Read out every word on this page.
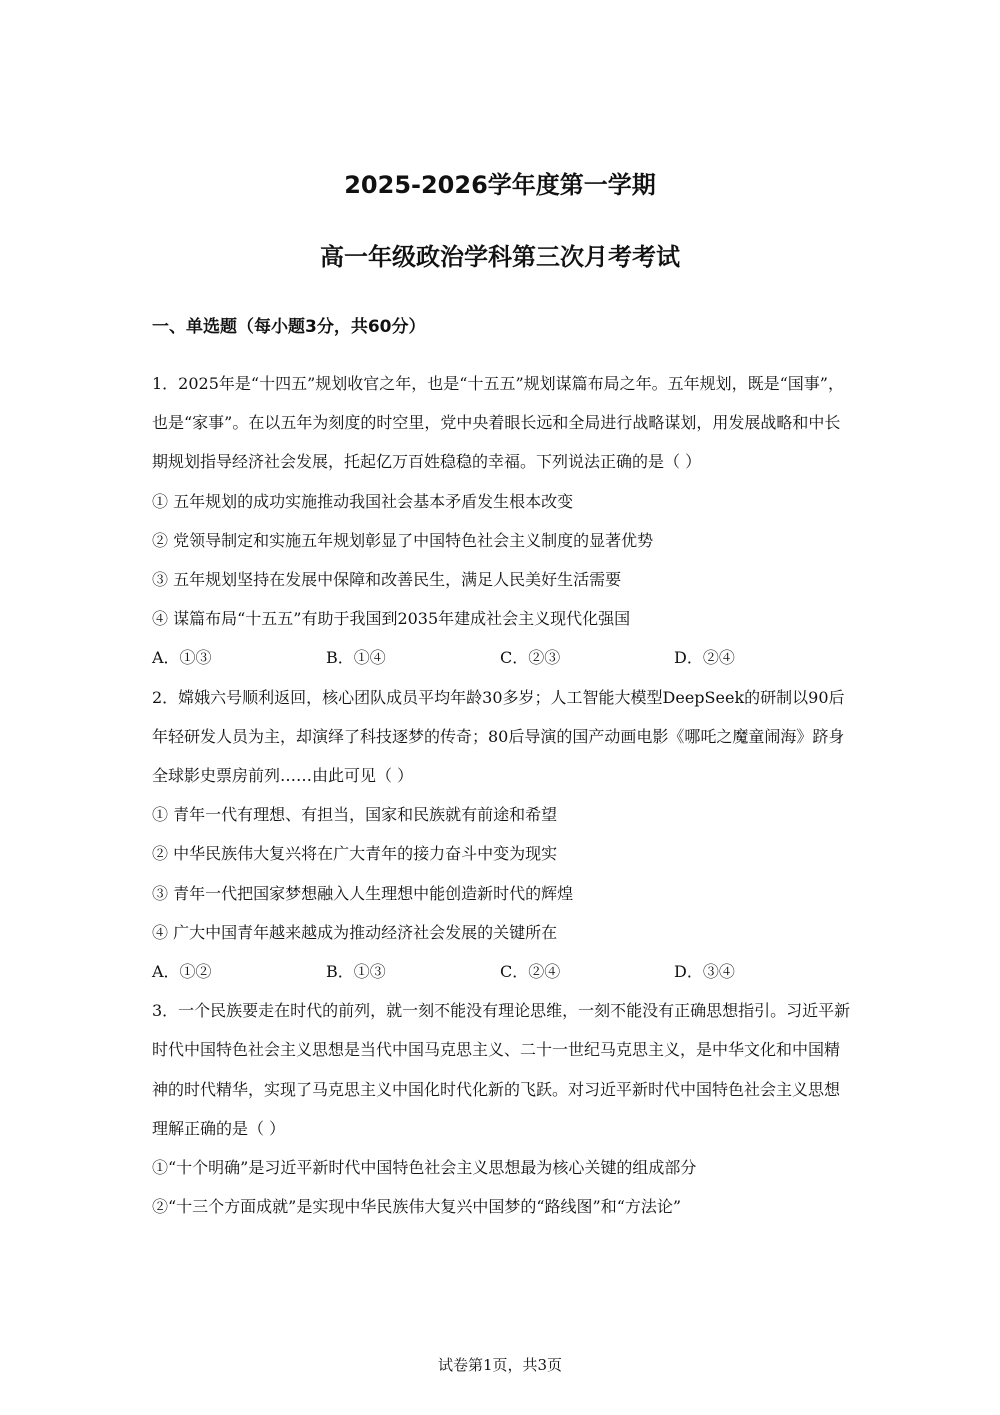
2025-2026学年度第一学期
高一年级政治学科第三次月考考试
一、单选题（每小题3分，共60分）

1．2025年是“十四五”规划收官之年，也是“十五五”规划谋篇布局之年。五年规划，既是“国事”，也是“家事”。在以五年为刻度的时空里，党中央着眼长远和全局进行战略谋划，用发展战略和中长期规划指导经济社会发展，托起亿万百姓稳稳的幸福。下列说法正确的是（ ）

① 五年规划的成功实施推动我国社会基本矛盾发生根本改变

② 党领导制定和实施五年规划彰显了中国特色社会主义制度的显著优势

③ 五年规划坚持在发展中保障和改善民生，满足人民美好生活需要

④ 谋篇布局“十五五”有助于我国到2035年建成社会主义现代化强国

A．①③	B．①④	C．②③	D．②④

2．嫦娥六号顺利返回，核心团队成员平均年龄30多岁；人工智能大模型DeepSeek的研制以90后年轻研发人员为主，却演绎了科技逐梦的传奇；80后导演的国产动画电影《哪吒之魔童闹海》跻身全球影史票房前列……由此可见（ ）

① 青年一代有理想、有担当，国家和民族就有前途和希望

② 中华民族伟大复兴将在广大青年的接力奋斗中变为现实

③ 青年一代把国家梦想融入人生理想中能创造新时代的辉煌

④ 广大中国青年越来越成为推动经济社会发展的关键所在

A．①②	B．①③	C．②④	D．③④

3．一个民族要走在时代的前列，就一刻不能没有理论思维，一刻不能没有正确思想指引。习近平新时代中国特色社会主义思想是当代中国马克思主义、二十一世纪马克思主义，是中华文化和中国精神的时代精华，实现了马克思主义中国化时代化新的飞跃。对习近平新时代中国特色社会主义思想理解正确的是（ ）

①“十个明确”是习近平新时代中国特色社会主义思想最为核心关键的组成部分

②“十三个方面成就”是实现中华民族伟大复兴中国梦的“路线图”和“方法论”

试卷第1页，共3页
